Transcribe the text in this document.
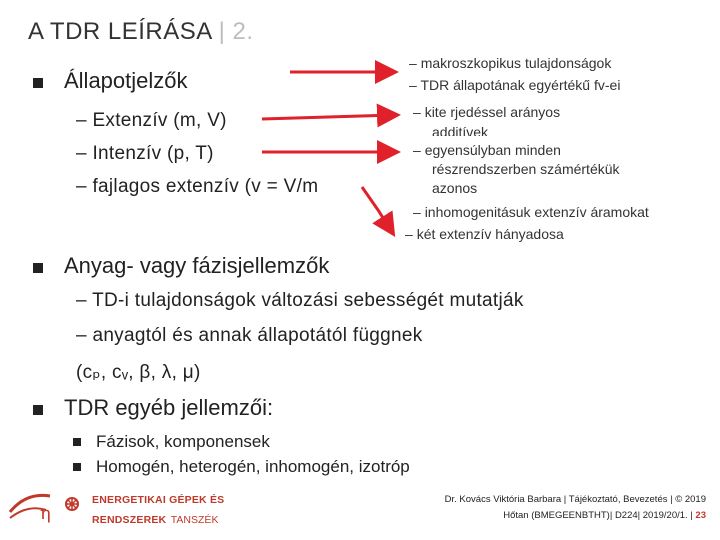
A TDR LEÍRÁSA | 2.
Állapotjelzők
– Extenzív (m, V)
– Intenzív (p, T)
– fajlagos extenzív (v = V/m
– makroszkopikus tulajdonságok
– TDR állapotának egyértékű fv-ei
– kite rjedéssel arányos
additívek
– egyensúlyban minden
részrendszerben számértékük
azonos
– inhomogenitásuk extenzív áramokat
– két extenzív hányadosa
Anyag- vagy fázisjellemzők
– TD-i tulajdonságok változási sebességét mutatják
– anyagtól és annak állapotától függnek
(cₚ, cᵥ, β, λ, μ)
TDR egyéb jellemzői:
Fázisok, komponensek
Homogén, heterogén, inhomogén, izotróp
η
ENERGETIKAI GÉPEK ÉS
RENDSZEREK TANSZÉK
Dr. Kovács Viktória Barbara | Tájékoztató, Bevezetés | © 2019
Hőtan (BMEGEENBTHT)| D224| 2019/20/1. | 23
